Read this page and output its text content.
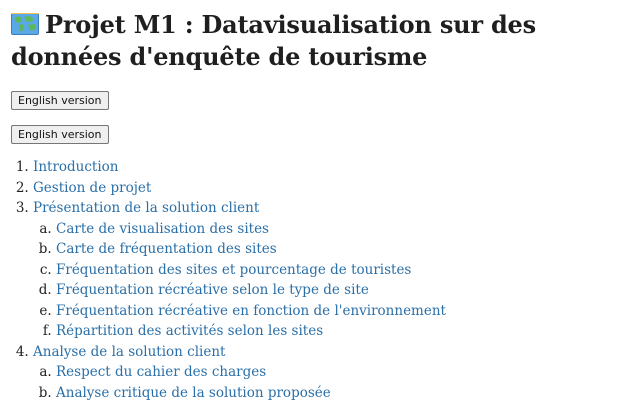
Projet M1 : Datavisualisation sur des données d'enquête de tourisme
English version
English version
1. Introduction
2. Gestion de projet
3. Présentation de la solution client
a. Carte de visualisation des sites
b. Carte de fréquentation des sites
c. Fréquentation des sites et pourcentage de touristes
d. Fréquentation récréative selon le type de site
e. Fréquentation récréative en fonction de l'environnement
f. Répartition des activités selon les sites
4. Analyse de la solution client
a. Respect du cahier des charges
b. Analyse critique de la solution proposée
